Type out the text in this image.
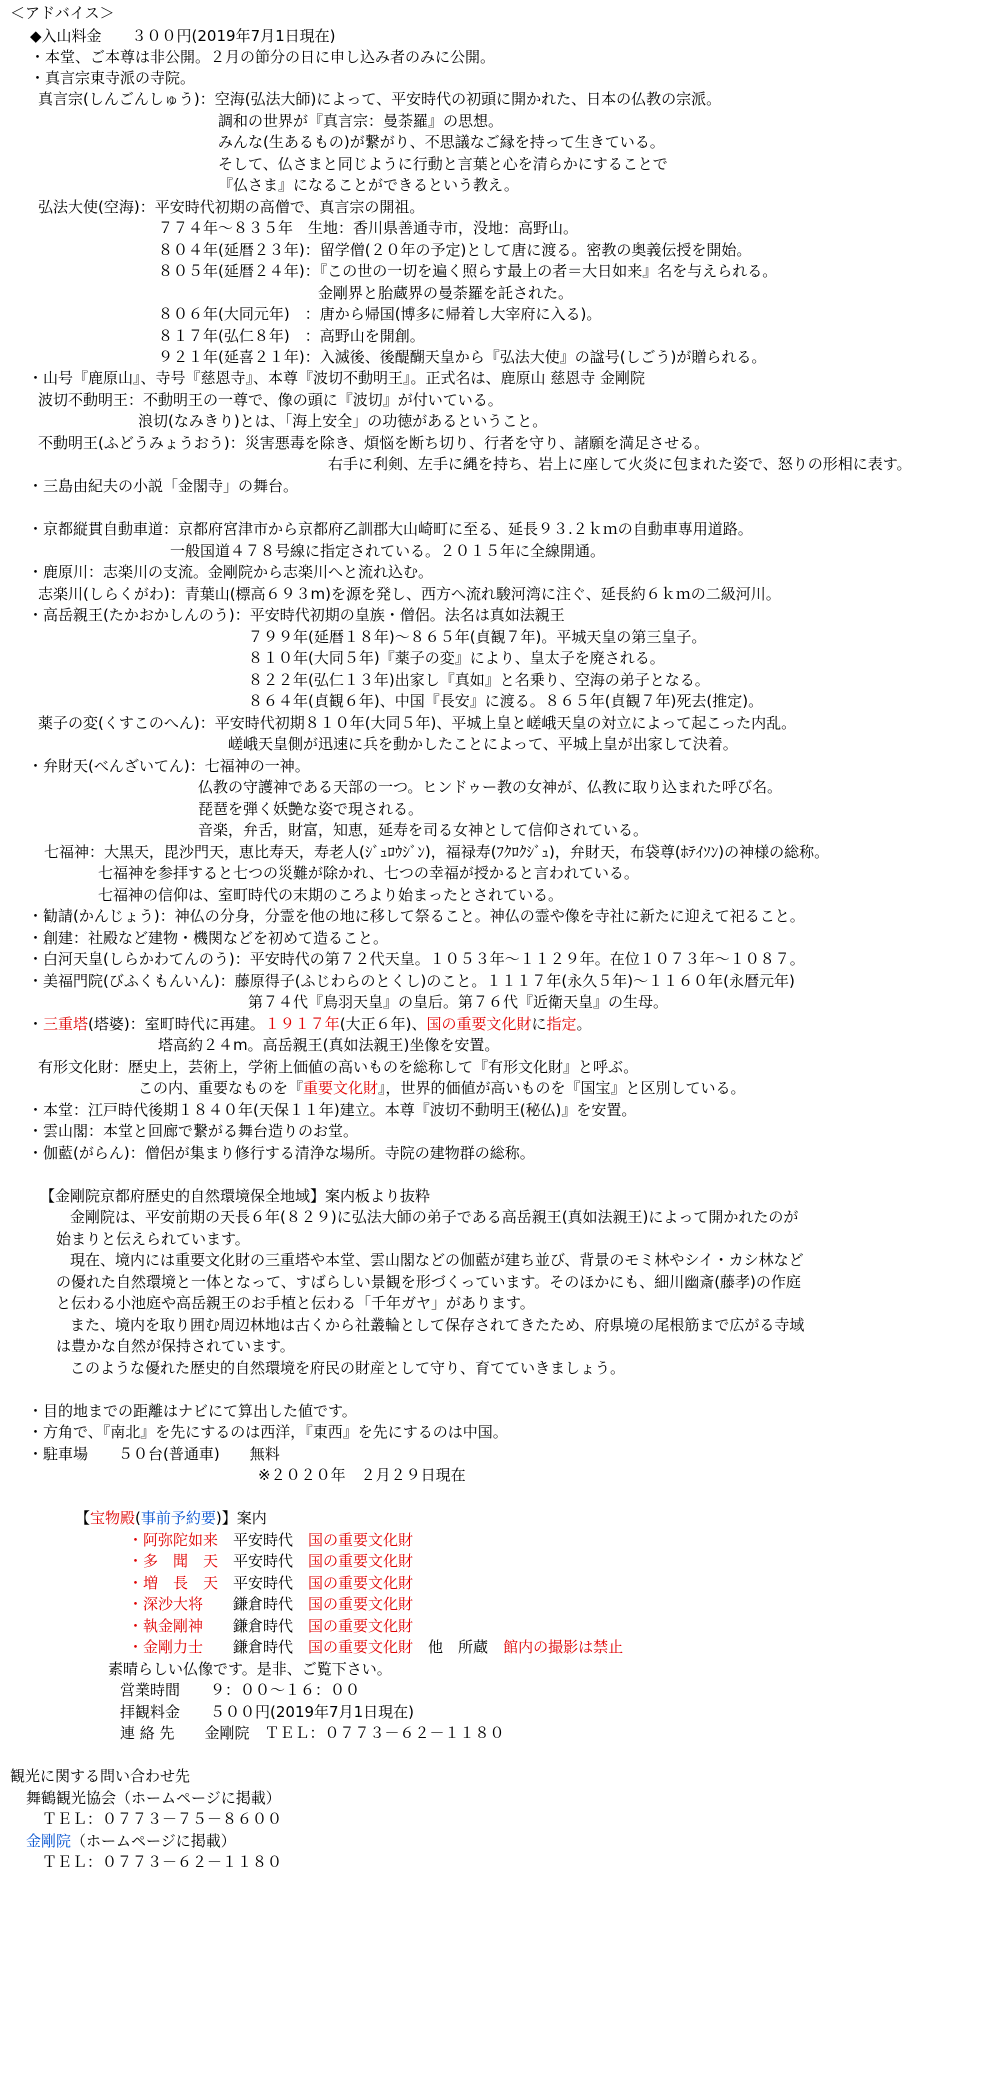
＜アドバイス＞
◆入山料金　　３００円(2019年7月1日現在)
・本堂、ご本尊は非公開。２月の節分の日に申し込み者のみに公開。
・真言宗東寺派の寺院。
真言宗(しんごんしゅう)：空海(弘法大師)によって、平安時代の初頭に開かれた、日本の仏教の宗派。
調和の世界が『真言宗：曼荼羅』の思想。
みんな(生あるもの)が繋がり、不思議なご縁を持って生きている。
そして、仏さまと同じように行動と言葉と心を清らかにすることで
『仏さま』になることができるという教え。
弘法大使(空海)：平安時代初期の高僧で、真言宗の開祖。
７７４年～８３５年　生地：香川県善通寺市，没地：高野山。
８０４年(延暦２３年)：留学僧(２０年の予定)として唐に渡る。密教の奥義伝授を開始。
８０５年(延暦２４年)：『この世の一切を遍く照らす最上の者＝大日如来』名を与えられる。
金剛界と胎蔵界の曼荼羅を託された。
８０６年(大同元年)　：唐から帰国(博多に帰着し大宰府に入る)。
８１７年(弘仁８年)　：高野山を開創。
９２１年(延喜２１年)：入滅後、後醍醐天皇から『弘法大使』の諡号(しごう)が贈られる。
・山号『鹿原山』、寺号『慈恩寺』、本尊『波切不動明王』。正式名は、鹿原山 慈恩寺 金剛院
波切不動明王：不動明王の一尊で、像の頭に『波切』が付いている。
浪切(なみきり)とは、「海上安全」の功徳があるということ。
不動明王(ふどうみょうおう)：災害悪毒を除き、煩悩を断ち切り、行者を守り、諸願を満足させる。
右手に利剣、左手に縄を持ち、岩上に座して火炎に包まれた姿で、怒りの形相に表す。
・三島由紀夫の小説「金閣寺」の舞台。
・京都縦貫自動車道：京都府宮津市から京都府乙訓郡大山崎町に至る、延長９３.２ｋｍの自動車専用道路。
一般国道４７８号線に指定されている。２０１５年に全線開通。
・鹿原川：志楽川の支流。金剛院から志楽川へと流れ込む。
志楽川(しらくがわ)：青葉山(標高６９３m)を源を発し、西方へ流れ駿河湾に注ぐ、延長約６ｋｍの二級河川。
・高岳親王(たかおかしんのう)：平安時代初期の皇族・僧侶。法名は真如法親王
７９９年(延暦１８年)～８６５年(貞観７年)。平城天皇の第三皇子。
８１０年(大同５年)『薬子の変』により、皇太子を廃される。
８２２年(弘仁１３年)出家し『真如』と名乗り、空海の弟子となる。
８６４年(貞観６年)、中国『長安』に渡る。８６５年(貞観７年)死去(推定)。
薬子の変(くすこのへん)：平安時代初期８１０年(大同５年)、平城上皇と嵯峨天皇の対立によって起こった内乱。
嵯峨天皇側が迅速に兵を動かしたことによって、平城上皇が出家して決着。
・弁財天(べんざいてん)：七福神の一神。
仏教の守護神である天部の一つ。ヒンドゥー教の女神が、仏教に取り込まれた呼び名。
琵琶を弾く妖艶な姿で現される。
音楽，弁舌，財富，知恵，延寿を司る女神として信仰されている。
七福神：大黒天，毘沙門天，恵比寿天，寿老人(ｼﾞｭﾛｳｼﾞﾝ)，福禄寿(ﾌｸﾛｸｼﾞｭ)，弁財天，布袋尊(ﾎﾃｲｿﾝ)の神様の総称。
七福神を参拝すると七つの災難が除かれ、七つの幸福が授かると言われている。
七福神の信仰は、室町時代の末期のころより始まったとされている。
・勧請(かんじょう)：神仏の分身，分霊を他の地に移して祭ること。神仏の霊や像を寺社に新たに迎えて祀ること。
・創建：社殿など建物・機関などを初めて造ること。
・白河天皇(しらかわてんのう)：平安時代の第７２代天皇。１０５３年～１１２９年。在位１０７３年～１０８７。
・美福門院(びふくもんいん)：藤原得子(ふじわらのとくし)のこと。１１１７年(永久５年)～１１６０年(永暦元年)
第７４代『鳥羽天皇』の皇后。第７６代『近衛天皇』の生母。
・三重塔(塔婆)：室町時代に再建。１９１７年(大正６年)、国の重要文化財に指定。
塔高約２４m。高岳親王(真如法親王)坐像を安置。
有形文化財：歴史上，芸術上，学術上価値の高いものを総称して『有形文化財』と呼ぶ。
この内、重要なものを『重要文化財』，世界的価値が高いものを『国宝』と区別している。
・本堂：江戸時代後期１８４０年(天保１１年)建立。本尊『波切不動明王(秘仏)』を安置。
・雲山閣：本堂と回廊で繋がる舞台造りのお堂。
・伽藍(がらん)：僧侶が集まり修行する清浄な場所。寺院の建物群の総称。
【金剛院京都府歴史的自然環境保全地域】案内板より抜粋
金剛院は、平安前期の天長６年(８２９)に弘法大師の弟子である高岳親王(真如法親王)によって開かれたのが
始まりと伝えられています。
現在、境内には重要文化財の三重塔や本堂、雲山閣などの伽藍が建ち並び、背景のモミ林やシイ・カシ林など
の優れた自然環境と一体となって、すばらしい景観を形づくっています。そのほかにも、細川幽斎(藤孝)の作庭
と伝わる小池庭や高岳親王のお手植と伝わる「千年ガヤ」があります。
また、境内を取り囲む周辺林地は古くから社叢輪として保存されてきたため、府県境の尾根筋まで広がる寺域
は豊かな自然が保持されています。
このような優れた歴史的自然環境を府民の財産として守り、育てていきましょう。
・目的地までの距離はナビにて算出した値です。
・方角で、『南北』を先にするのは西洋，『東西』を先にするのは中国。
・駐車場　　５０台(普通車)　　無料
※２０２０年　２月２９日現在
【宝物殿(事前予約要)】案内
・阿弥陀如来　平安時代　国の重要文化財
・多　聞　天　平安時代　国の重要文化財
・増　長　天　平安時代　国の重要文化財
・深沙大将　　鎌倉時代　国の重要文化財
・執金剛神　　鎌倉時代　国の重要文化財
・金剛力士　　鎌倉時代　国の重要文化財　他　所蔵　館内の撮影は禁止
素晴らしい仏像です。是非、ご覧下さい。
営業時間　　９：００～１６：００
拝観料金　　５００円(2019年7月1日現在)
連 絡 先　　金剛院　ＴＥＬ：０７７３－６２－１１８０
観光に関する問い合わせ先
舞鶴観光協会（ホームページに掲載）
ＴＥＬ：０７７３－７５－８６００
金剛院（ホームページに掲載）
ＴＥＬ：０７７３－６２－１１８０
